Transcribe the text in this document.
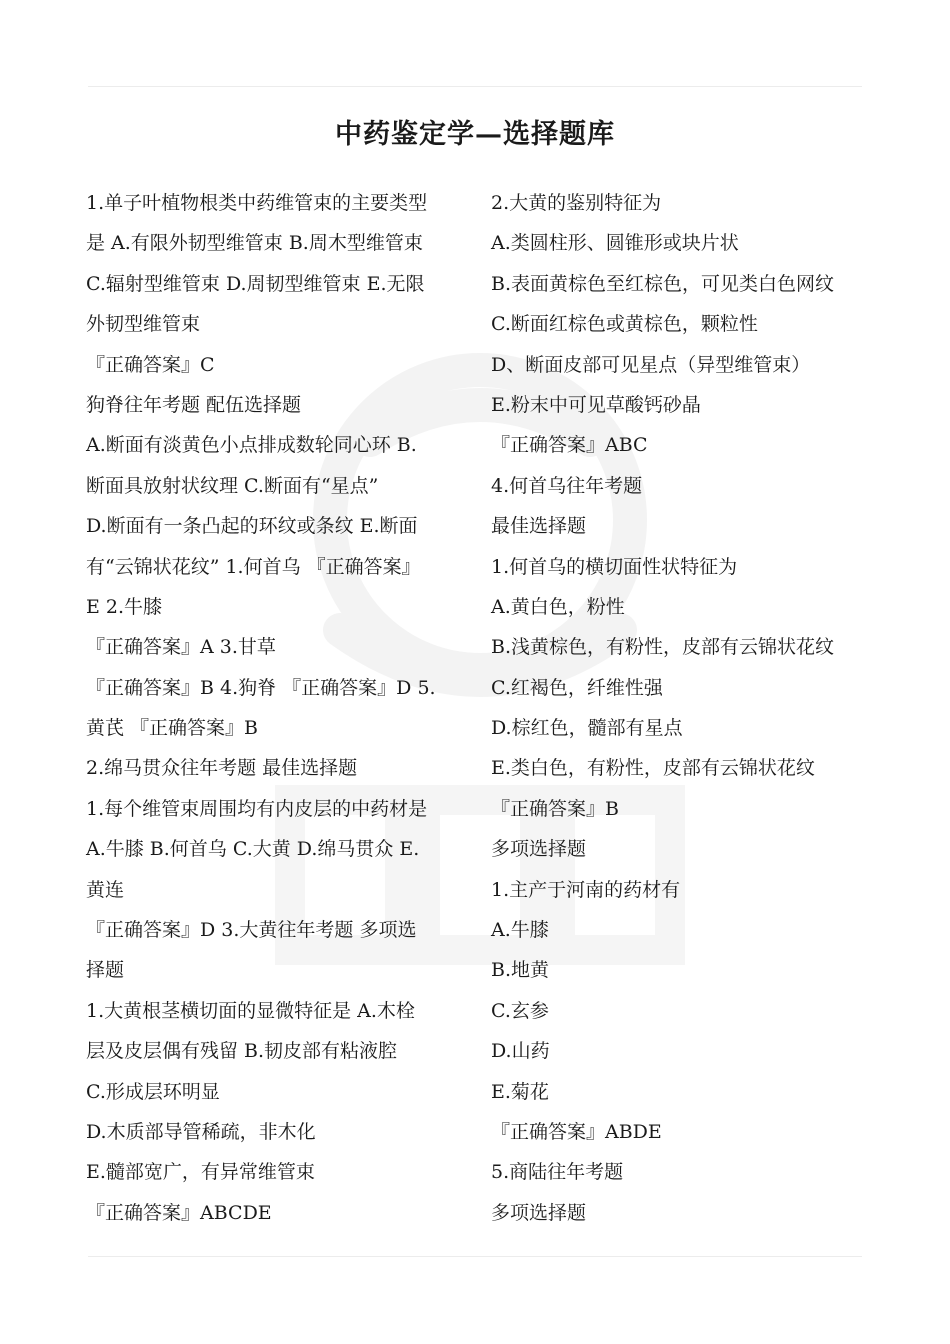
中药鉴定学—选择题库
1.单子叶植物根类中药维管束的主要类型
是 A.有限外韧型维管束 B.周木型维管束
C.辐射型维管束 D.周韧型维管束 E.无限
外韧型维管束
『正确答案』C
狗脊往年考题 配伍选择题
A.断面有淡黄色小点排成数轮同心环 B.
断面具放射状纹理 C.断面有“星点”
D.断面有一条凸起的环纹或条纹 E.断面
有“云锦状花纹” 1.何首乌 『正确答案』
E 2.牛膝
『正确答案』A 3.甘草
『正确答案』B 4.狗脊 『正确答案』D 5.
黄芪 『正确答案』B
2.绵马贯众往年考题 最佳选择题
1.每个维管束周围均有内皮层的中药材是
A.牛膝 B.何首乌 C.大黄 D.绵马贯众 E.
黄连
『正确答案』D 3.大黄往年考题 多项选
择题
1.大黄根茎横切面的显微特征是 A.木栓
层及皮层偶有残留 B.韧皮部有粘液腔
C.形成层环明显
D.木质部导管稀疏，非木化
E.髓部宽广，有异常维管束
『正确答案』ABCDE
2.大黄的鉴别特征为
A.类圆柱形、圆锥形或块片状
B.表面黄棕色至红棕色，可见类白色网纹
C.断面红棕色或黄棕色，颗粒性
D、断面皮部可见星点（异型维管束）
E.粉末中可见草酸钙砂晶
『正确答案』ABC
4.何首乌往年考题
最佳选择题
1.何首乌的横切面性状特征为
A.黄白色，粉性
B.浅黄棕色，有粉性，皮部有云锦状花纹
C.红褐色，纤维性强
D.棕红色，髓部有星点
E.类白色，有粉性，皮部有云锦状花纹
『正确答案』B
多项选择题
1.主产于河南的药材有
A.牛膝
B.地黄
C.玄参
D.山药
E.菊花
『正确答案』ABDE
5.商陆往年考题
多项选择题
